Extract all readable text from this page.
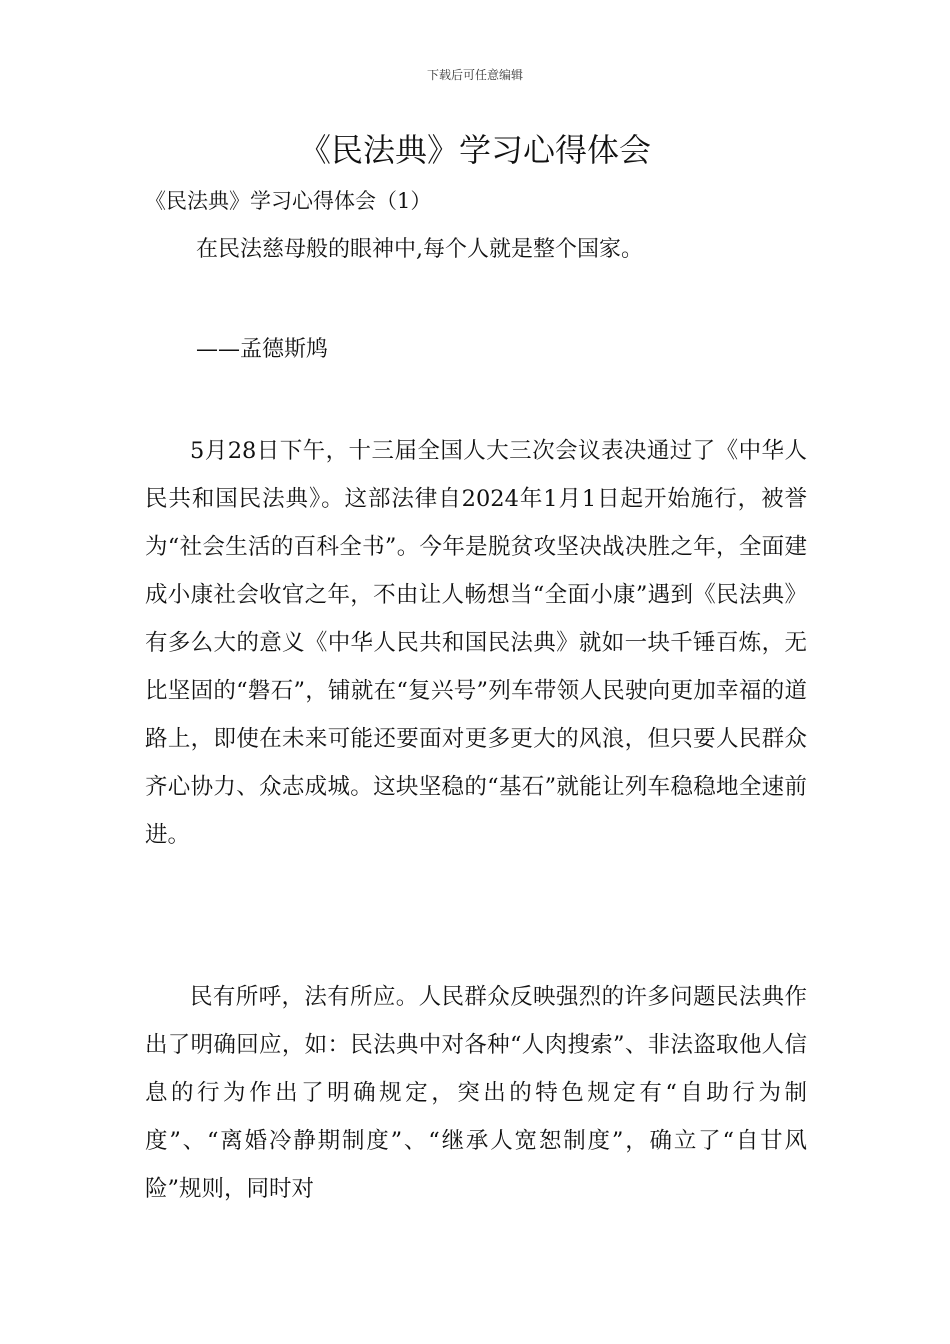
下载后可任意编辑
《民法典》学习心得体会

《民法典》学习心得体会（1）

在民法慈母般的眼神中,每个人就是整个国家。

——孟德斯鸠

5月28日下午，十三届全国人大三次会议表决通过了《中华人民共和国民法典》。这部法律自2024年1月1日起开始施行，被誉为“社会生活的百科全书”。今年是脱贫攻坚决战决胜之年，全面建成小康社会收官之年，不由让人畅想当“全面小康”遇到《民法典》有多么大的意义《中华人民共和国民法典》就如一块千锤百炼，无比坚固的“磐石”，铺就在“复兴号”列车带领人民驶向更加幸福的道路上，即使在未来可能还要面对更多更大的风浪，但只要人民群众齐心协力、众志成城。这块坚稳的“基石”就能让列车稳稳地全速前进。

民有所呼，法有所应。人民群众反映强烈的许多问题民法典作出了明确回应，如：民法典中对各种“人肉搜索”、非法盗取他人信息的行为作出了明确规定，突出的特色规定有“自助行为制度”、“离婚冷静期制度”、“继承人宽恕制度”，确立了“自甘风险”规则，同时对
